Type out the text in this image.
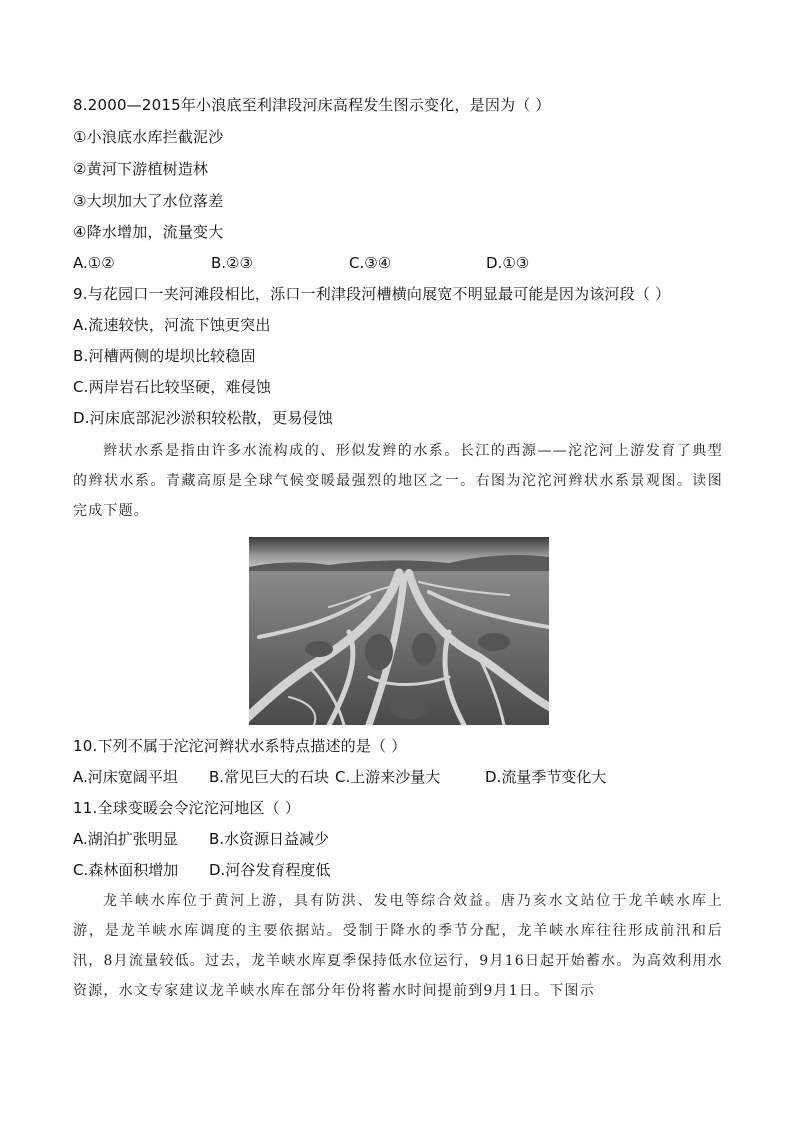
8.2000—2015年小浪底至利津段河床高程发生图示变化，是因为（ ）
①小浪底水库拦截泥沙
②黄河下游植树造林
③大坝加大了水位落差
④降水增加，流量变大
A.①②	B.②③	C.③④	D.①③
9.与花园口一夹河滩段相比，泺口一利津段河槽横向展宽不明显最可能是因为该河段（ ）
A.流速较快，河流下蚀更突出
B.河槽两侧的堤坝比较稳固
C.两岸岩石比较坚硬，难侵蚀
D.河床底部泥沙淤积较松散，更易侵蚀
辫状水系是指由许多水流构成的、形似发辫的水系。长江的西源——沱沱河上游发育了典型的辫状水系。青藏高原是全球气候变暖最强烈的地区之一。右图为沱沱河辫状水系景观图。读图完成下题。
10.下列不属于沱沱河辫状水系特点描述的是（ ）
A.河床宽阔平坦 B.常见巨大的石块 C.上游来沙量大	D.流量季节变化大
11.全球变暖会令沱沱河地区（ ）
A.湖泊扩张明显 B.水资源日益减少
C.森林面积增加 D.河谷发育程度低
龙羊峡水库位于黄河上游，具有防洪、发电等综合效益。唐乃亥水文站位于龙羊峡水库上游，是龙羊峡水库调度的主要依据站。受制于降水的季节分配，龙羊峡水库往往形成前汛和后汛，8月流量较低。过去，龙羊峡水库夏季保持低水位运行，9月16日起开始蓄水。为高效利用水资源，水文专家建议龙羊峡水库在部分年份将蓄水时间提前到9月1日。下图示
